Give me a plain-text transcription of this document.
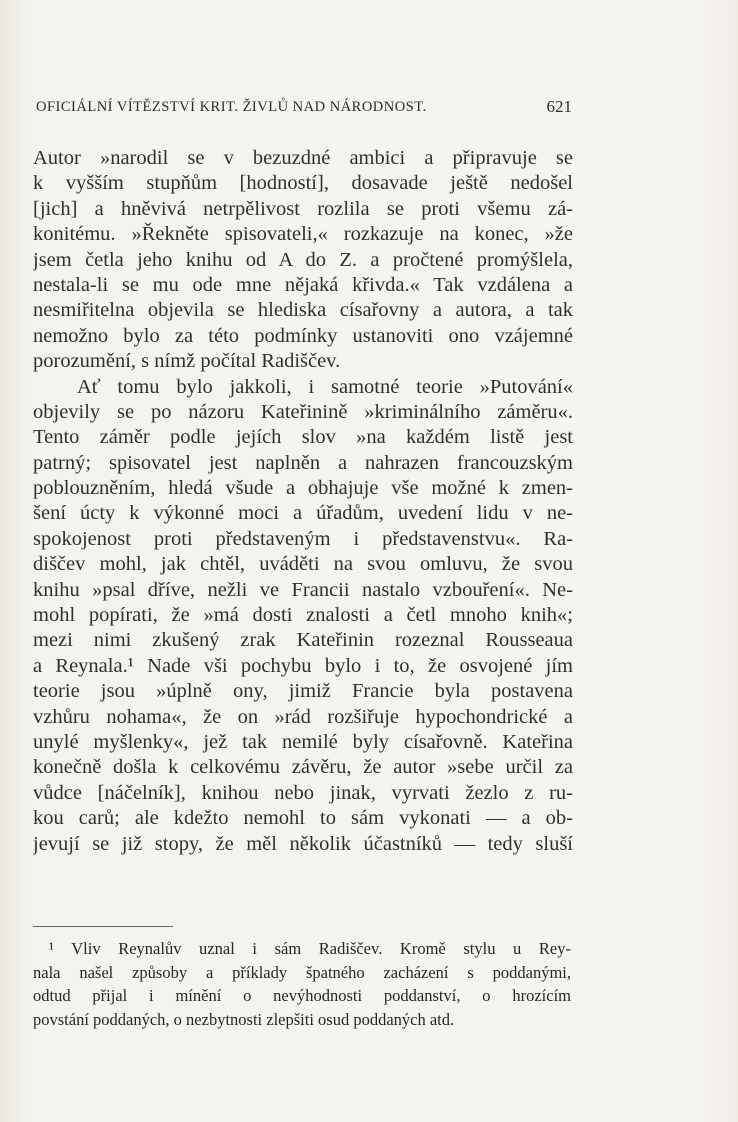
OFICIÁLNÍ VÍTĚZSTVÍ KRIT. ŽIVLŮ NAD NÁRODNOST.	621
Autor »narodil se v bezuzdné ambici a připravuje se
k vyšším stupňům [hodností], dosavade ještě nedošel
[jich] a hněvivá netrpělivost rozlila se proti všemu zá-
konitému. »Řekněte spisovateli,« rozkazuje na konec, »že
jsem četla jeho knihu od A do Z. a pročtené promýšlela,
nestala-li se mu ode mne nějaká křivda.« Tak vzdálena a
nesmiřitelna objevila se hlediska císařovny a autora, a tak
nemožno bylo za této podmínky ustanoviti ono vzájemné
porozumění, s nímž počítal Radiščev.
Ať tomu bylo jakkoli, i samotné teorie »Putování«
objevily se po názoru Kateřinině »kriminálního záměru«.
Tento záměr podle jejích slov »na každém listě jest
patrný; spisovatel jest naplněn a nahrazen francouzským
poblouzněním, hledá všude a obhajuje vše možné k zmen-
šení úcty k výkonné moci a úřadům, uvedení lidu v ne-
spokojenost proti představeným i představenstvu«. Ra-
diščev mohl, jak chtěl, uváděti na svou omluvu, že svou
knihu »psal dříve, nežli ve Francii nastalo vzbouření«. Ne-
mohl popírati, že »má dosti znalosti a četl mnoho knih«;
mezi nimi zkušený zrak Kateřinin rozeznal Rousseaua
a Reynala.¹ Nade vši pochybu bylo i to, že osvojené jím
teorie jsou »úplně ony, jimiž Francie byla postavena
vzhůru nohama«, že on »rád rozšiřuje hypochondrické a
unylé myšlenky«, jež tak nemilé byly císařovně. Kateřina
konečně došla k celkovému závěru, že autor »sebe určil za
vůdce [náčelník], knihou nebo jinak, vyrvati žezlo z ru-
kou carů; ale kdežto nemohl to sám vykonati — a ob-
jevují se již stopy, že měl několik účastníků — tedy sluší
¹ Vliv Reynalův uznal i sám Radiščev. Kromě stylu u Rey-
nala našel způsoby a příklady špatného zacházení s poddanými,
odtud přijal i mínění o nevýhodnosti poddanství, o hrozícím
povstání poddaných, o nezbytnosti zlepšiti osud poddaných atd.
